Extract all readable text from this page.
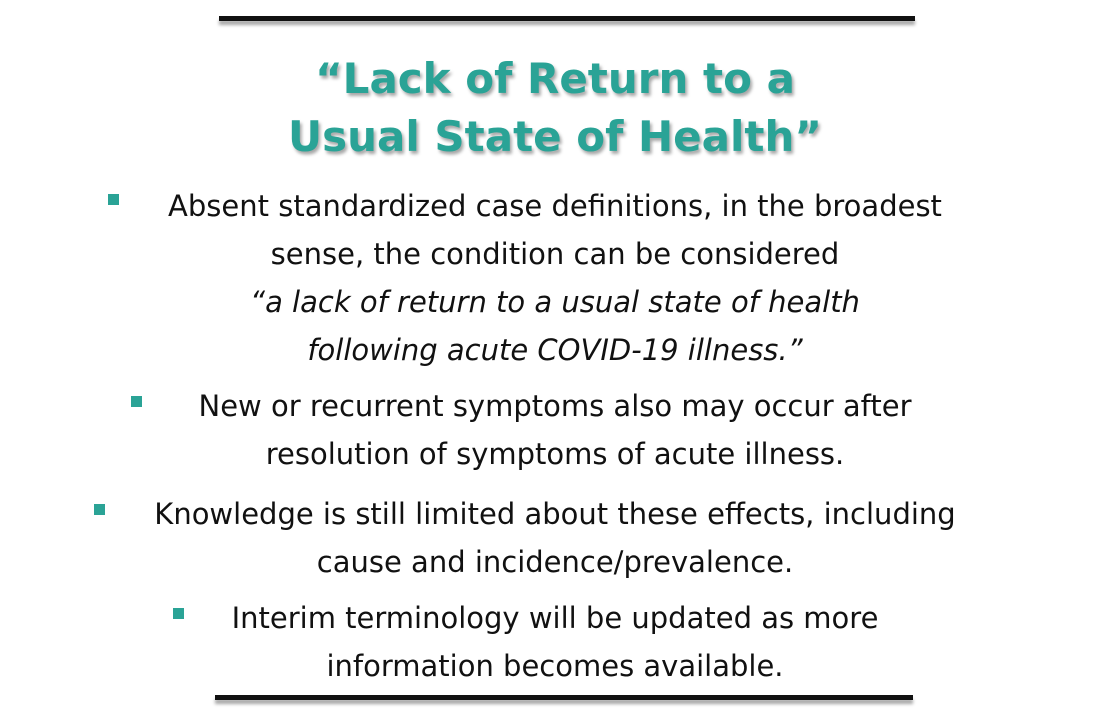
“Lack of Return to a
Usual State of Health”
Absent standardized case definitions, in the broadest
sense, the condition can be considered
“a lack of return to a usual state of health
following acute COVID-19 illness.”
New or recurrent symptoms also may occur after
resolution of symptoms of acute illness.
Knowledge is still limited about these effects, including
cause and incidence/prevalence.
Interim terminology will be updated as more
information becomes available.
